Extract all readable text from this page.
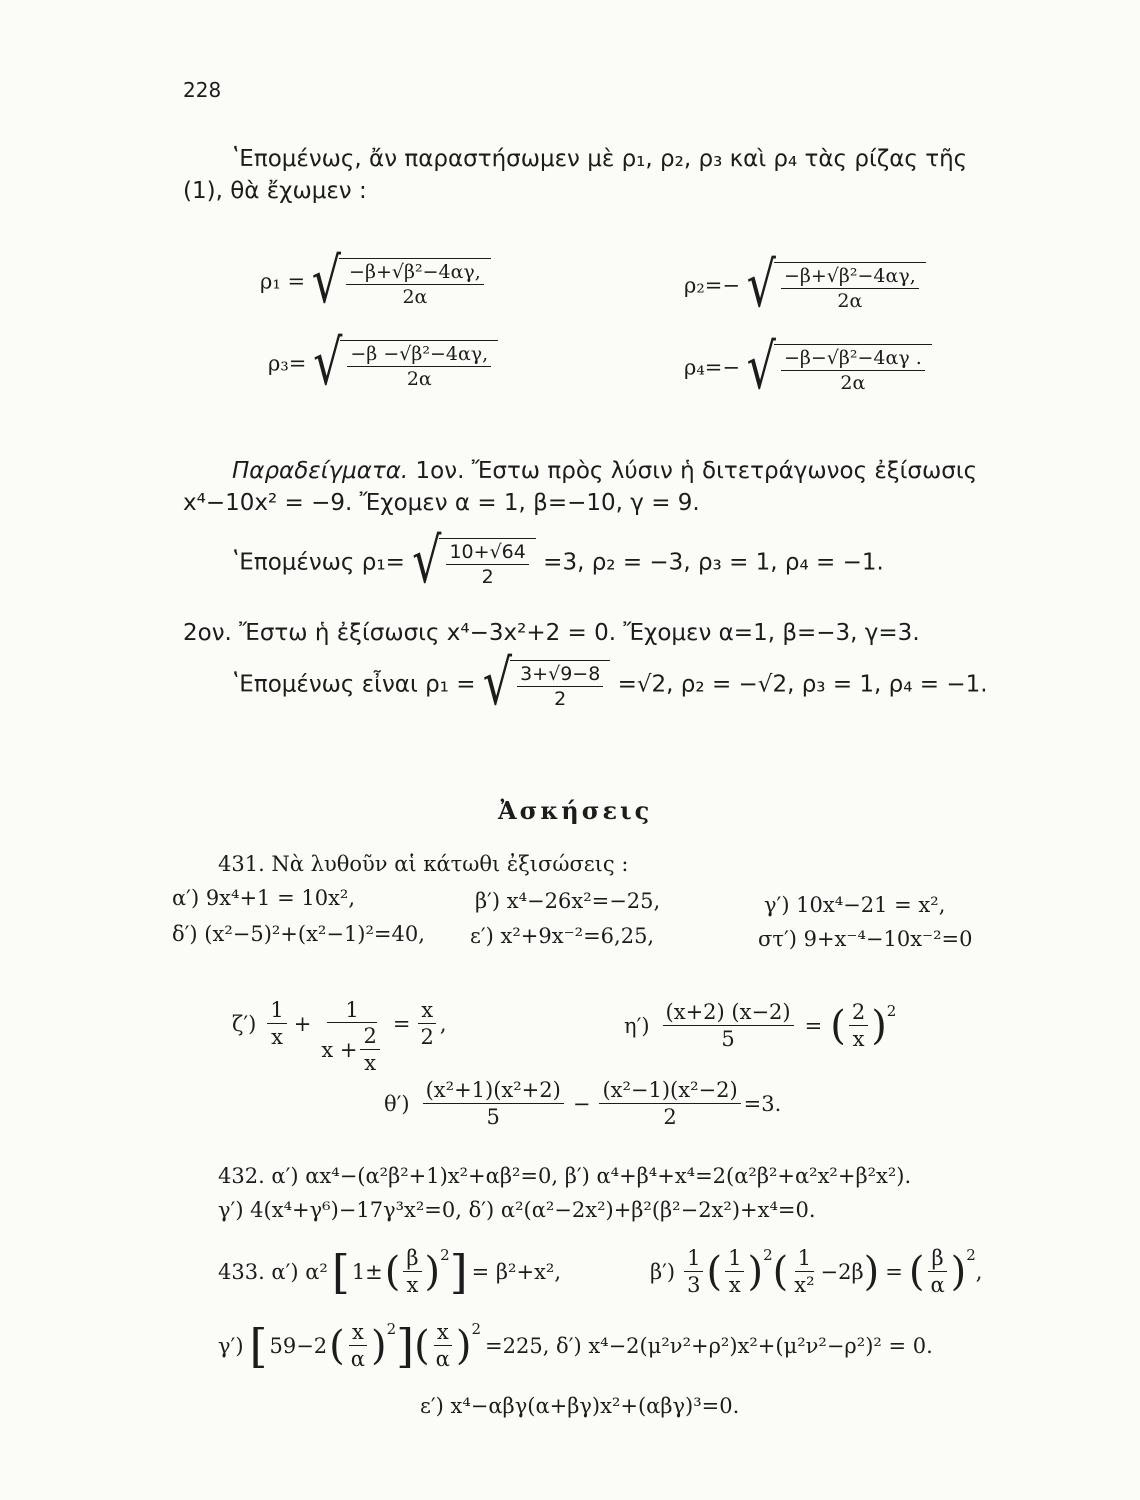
228
ʽΕπομένως, ἄν παραστήσωμεν μὲ ρ₁, ρ₂, ρ₃ καὶ ρ₄ τὰς ρίζας τῆς
(1), θὰ ἔχωμεν :
ρ₁ = √ $\frac{\text{−β+√β²−4αγ,}}{2\alpha}$	ρ₂=− √ $\frac{\text{−β+√β²−4αγ,}}{2\alpha}$
ρ₃= √ $\frac{\text{−β −√β²−4αγ,}}{2\alpha}$	ρ₄=− √ $\frac{\text{−β−√β²−4αγ .}}{2\alpha}$
Παραδείγματα. 1ον. Ἔστω πρὸς λύσιν ἡ διτετράγωνος ἐξίσωσις
x⁴−10x² = −9. Ἔχομεν α = 1, β=−10, γ = 9.
ʽΕπομένως ρ₁= √ $\frac{10+√64}{2} =3$, ρ₂ = −3, ρ₃ = 1, ρ₄ = −1.
2ον. Ἔστω ἡ ἐξίσωσις x⁴−3x²+2 = 0. Ἔχομεν α=1, β=−3, γ=3.
ʽΕπομένως εἶναι ρ₁ = √ $\frac{3+√9-8}{2} =√2$, ρ₂ = −√2, ρ₃ = 1, ρ₄ = −1.
Ἀσκήσεις
431. Νὰ λυθοῦν αἱ κάτωθι ἐξισώσεις :
α′) 9x⁴+1 = 10x²,	β′) x⁴−26x²=−25,	γ′) 10x⁴−21 = x²,
δ′) (x²−5)²+(x²−1)²=40, ε′) x²+9x⁻²=6,25,	στ′) 9+x⁻⁴−10x⁻²=0
$\zeta') \frac{1}{x} + \frac{1}{x + \frac{2}{x}} = \frac{x}{2}$ ,	$\eta') \frac{(x+2) (x-2)}{5}$ = ( $\frac{2}{x} )^2$
$\theta') \frac{\text{(x²+1)(x²+2)}}{5} - \frac{\text{(x²−1)(x²−2)}}{2} =3$.
432. α′) αx⁴−(α²β²+1)x²+αβ²=0, β′) α⁴+β⁴+x⁴=2(α²β²+α²x²+β²x²).
γ′) 4(x⁴+γ⁶)−17γ³x²=0, δ′) α²(α²−2x²)+β²(β²−2x²)+x⁴=0.
433. α′) α² [ 1± ( $\frac{\beta}{x} )^2$ ] = β²+x²,	$\beta') \frac{1}{3}$ ( $\frac{1}{x} )^2$ ( $\frac{1}{\text{x²}} -2\beta$ ) = ( $\frac{\beta}{\alpha} )^2$
,
γ′) [ 59−2 ( $\frac{x}{\alpha} )^2$ ] ( $\frac{x}{\alpha} )^2$
=225, δ′) x⁴−2(μ²ν²+ρ²)x²+(μ²ν²−ρ²)² = 0.
ε′) x⁴−αβγ(α+βγ)x²+(αβγ)³=0.
